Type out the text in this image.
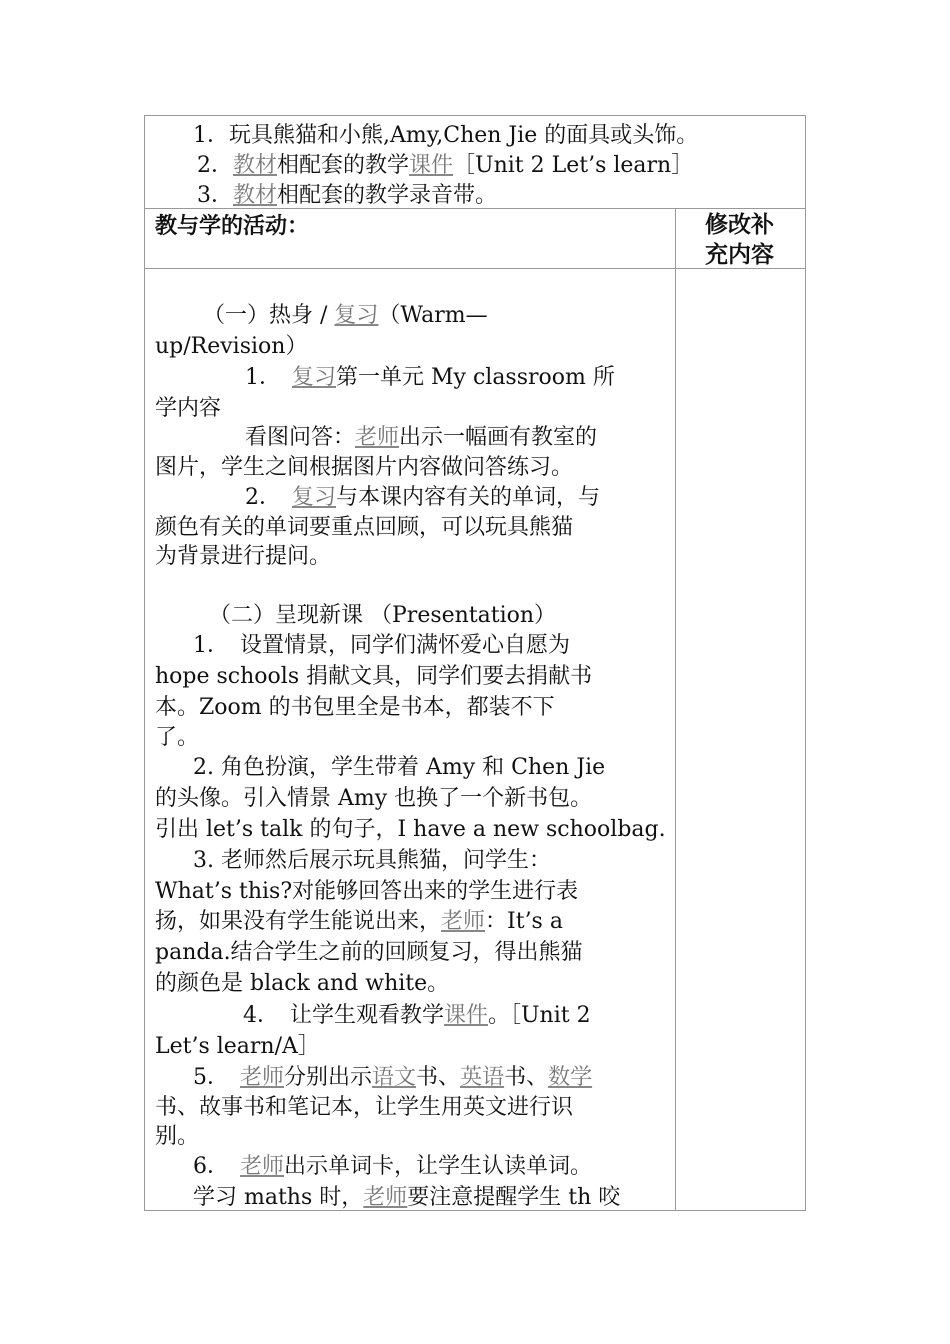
1．玩具熊猫和小熊,Amy,Chen Jie 的面具或头饰。
2．教材相配套的教学课件［Unit 2 Let’s learn］
3．教材相配套的教学录音带。
教与学的活动：	修改补
充内容
（一）热身 / 复习（Warm—
up/Revision）
1．　复习第一单元 My classroom 所
学内容
看图问答：老师出示一幅画有教室的
图片，学生之间根据图片内容做问答练习。
2．　复习与本课内容有关的单词，与
颜色有关的单词要重点回顾，可以玩具熊猫
为背景进行提问。
（二）呈现新课 （Presentation）
1．　设置情景，同学们满怀爱心自愿为
hope schools 捐献文具，同学们要去捐献书
本。Zoom 的书包里全是书本，都装不下
了。
2. 角色扮演，学生带着 Amy 和 Chen Jie
的头像。引入情景 Amy 也换了一个新书包。
引出 let’s talk 的句子，I have a new schoolbag.
3. 老师然后展示玩具熊猫，问学生：
What’s this?对能够回答出来的学生进行表
扬，如果没有学生能说出来，老师：It’s a
panda.结合学生之前的回顾复习，得出熊猫
的颜色是 black and white。
4．　让学生观看教学课件。［Unit 2
Let’s learn/A］
5．　老师分别出示语文书、英语书、数学
书、故事书和笔记本，让学生用英文进行识
别。
6．　老师出示单词卡，让学生认读单词。
学习 maths 时，老师要注意提醒学生 th 咬
